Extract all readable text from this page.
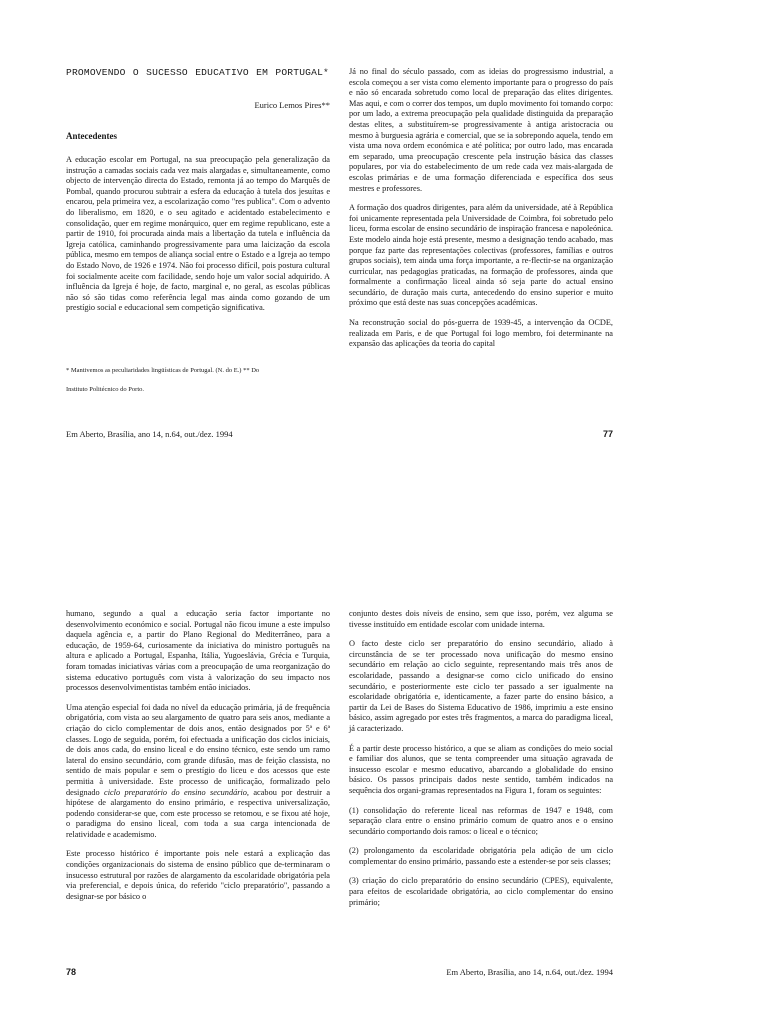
PROMOVENDO O SUCESSO EDUCATIVO EM PORTUGAL*
Eurico Lemos Pires**
Antecedentes

A educação escolar em Portugal, na sua preocupação pela generalização da instrução a camadas sociais cada vez mais alargadas e, simultaneamente, como objecto de intervenção directa do Estado, remonta já ao tempo do Marquês de Pombal, quando procurou subtrair a esfera da educação à tutela dos jesuítas e encarou, pela primeira vez, a escolarização como "res publica". Com o advento do liberalismo, em 1820, e o seu agitado e acidentado estabelecimento e consolidação, quer em regime monárquico, quer em regime republicano, este a partir de 1910, foi procurada ainda mais a libertação da tutela e influência da Igreja católica, caminhando progressivamente para uma laicização da escola pública, mesmo em tempos de aliança social entre o Estado e a Igreja ao tempo do Estado Novo, de 1926 e 1974. Não foi processo difícil, pois postura cultural foi socialmente aceite com facilidade, sendo hoje um valor social adquirido. A influência da Igreja é hoje, de facto, marginal e, no geral, as escolas públicas não só são tidas como referência legal mas ainda como gozando de um prestígio social e educacional sem competição significativa.

* Mantivemos as peculiaridades lingüísticas de Portugal. (N. do E.) ** Do
Instituto Politécnico do Porto.

Já no final do século passado, com as ideias do progressismo industrial, a escola começou a ser vista como elemento importante para o progresso do país e não só encarada sobretudo como local de preparação das elites dirigentes. Mas aqui, e com o correr dos tempos, um duplo movimento foi tomando corpo: por um lado, a extrema preocupação pela qualidade distinguida da preparação destas elites, a substituírem-se progressivamente à antiga aristocracia ou mesmo à burguesia agrária e comercial, que se ia sobrepondo aquela, tendo em vista uma nova ordem económica e até política; por outro lado, mas encarada em separado, uma preocupação crescente pela instrução básica das classes populares, por via do estabelecimento de um rede cada vez mais-alargada de escolas primárias e de uma formação diferenciada e específica dos seus mestres e professores.

A formação dos quadros dirigentes, para além da universidade, até à República foi unicamente representada pela Universidade de Coimbra, foi sobretudo pelo liceu, forma escolar de ensino secundário de inspiração francesa e napoleónica. Este modelo ainda hoje está presente, mesmo a designação tendo acabado, mas porque faz parte das representações colectivas (professores, famílias e outros grupos sociais), tem ainda uma força importante, a re-flectir-se na organização curricular, nas pedagogias praticadas, na formação de professores, ainda que formalmente a confirmação liceal ainda só seja parte do actual ensino secundário, de duração mais curta, antecedendo do ensino superior e muito próximo que está deste nas suas concepções académicas.

Na reconstrução social do pós-guerra de 1939-45, a intervenção da OCDE, realizada em Paris, e de que Portugal foi logo membro, foi determinante na expansão das aplicações da teoria do capital

Em Aberto, Brasília, ano 14, n.64, out./dez. 1994	77

humano, segundo a qual a educação seria factor importante no desenvolvimento económico e social. Portugal não ficou imune a este impulso daquela agência e, a partir do Plano Regional do Mediterrâneo, para a educação, de 1959-64, curiosamente da iniciativa do ministro português na altura e aplicado a Portugal, Espanha, Itália, Yugoeslávia, Grécia e Turquia, foram tomadas iniciativas várias com a preocupação de uma reorganização do sistema educativo português com vista à valorização do seu impacto nos processos desenvolvimentistas também então iniciados.

Uma atenção especial foi dada no nível da educação primária, já de frequência obrigatória, com vista ao seu alargamento de quatro para seis anos, mediante a criação do ciclo complementar de dois anos, então designados por 5ª e 6ª classes. Logo de seguida, porém, foi efectuada a unificação dos ciclos iniciais, de dois anos cada, do ensino liceal e do ensino técnico, este sendo um ramo lateral do ensino secundário, com grande difusão, mas de feição classista, no sentido de mais popular e sem o prestígio do liceu e dos acessos que este permitia à universidade. Este processo de unificação, formalizado pelo designado ciclo preparatório do ensino secundário, acabou por destruir a hipótese de alargamento do ensino primário, e respectiva universalização, podendo considerar-se que, com este processo se retomou, e se fixou até hoje, o paradigma do ensino liceal, com toda a sua carga intencionada de relatividade e academismo.

Este processo histórico é importante pois nele estará a explicação das condições organizacionais do sistema de ensino público que de-terminaram o insucesso estrutural por razões de alargamento da escolaridade obrigatória pela via preferencial, e depois única, do referido "ciclo preparatório", passando a designar-se por básico o

conjunto destes dois níveis de ensino, sem que isso, porém, vez alguma se tivesse instituído em entidade escolar com unidade interna.

O facto deste ciclo ser preparatório do ensino secundário, aliado à circunstância de se ter processado nova unificação do mesmo ensino secundário em relação ao ciclo seguinte, representando mais três anos de escolaridade, passando a designar-se como ciclo unificado do ensino secundário, e posteriormente este ciclo ter passado a ser igualmente na escolaridade obrigatória e, identicamente, a fazer parte do ensino básico, a partir da Lei de Bases do Sistema Educativo de 1986, imprimiu a este ensino básico, assim agregado por estes três fragmentos, a marca do paradigma liceal, já caracterizado.

É a partir deste processo histórico, a que se aliam as condições do meio social e familiar dos alunos, que se tenta compreender uma situação agravada de insucesso escolar e mesmo educativo, abarcando a globalidade do ensino básico. Os passos principais dados neste sentido, também indicados na sequência dos organi-gramas representados na Figura 1, foram os seguintes:

(1) consolidação do referente liceal nas reformas de 1947 e 1948, com separação clara entre o ensino primário comum de quatro anos e o ensino secundário comportando dois ramos: o liceal e o técnico;

(2) prolongamento da escolaridade obrigatória pela adição de um ciclo complementar do ensino primário, passando este a estender-se por seis classes;

(3) criação do ciclo preparatório do ensino secundário (CPES), equivalente, para efeitos de escolaridade obrigatória, ao ciclo complementar do ensino primário;

78	Em Aberto, Brasília, ano 14, n.64, out./dez. 1994
